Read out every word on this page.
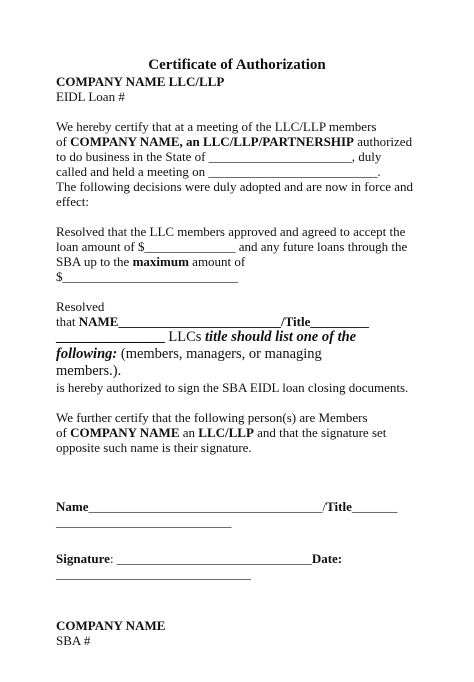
Certificate of Authorization

COMPANY NAME LLC/LLP

EIDL Loan #

We hereby certify that at a meeting of the LLC/LLP members

of COMPANY NAME, an LLC/LLP/PARTNERSHIP authorized

to do business in the State of ______________________, duly

called and held a meeting on __________________________.

The following decisions were duly adopted and are now in force and

effect:

Resolved that the LLC members approved and agreed to accept the

loan amount of $______________ and any future loans through the

SBA up to the maximum amount of

$___________________________

Resolved

that NAME_________________________/Title_________

_______________ LLCs title should list one of the

following: (members, managers, or managing

members.).

is hereby authorized to sign the SBA EIDL loan closing documents.

We further certify that the following person(s) are Members

of COMPANY NAME an LLC/LLP and that the signature set

opposite such name is their signature.

Name____________________________________/Title_______

___________________________

Signature: ______________________________Date:

______________________________

COMPANY NAME

SBA #
